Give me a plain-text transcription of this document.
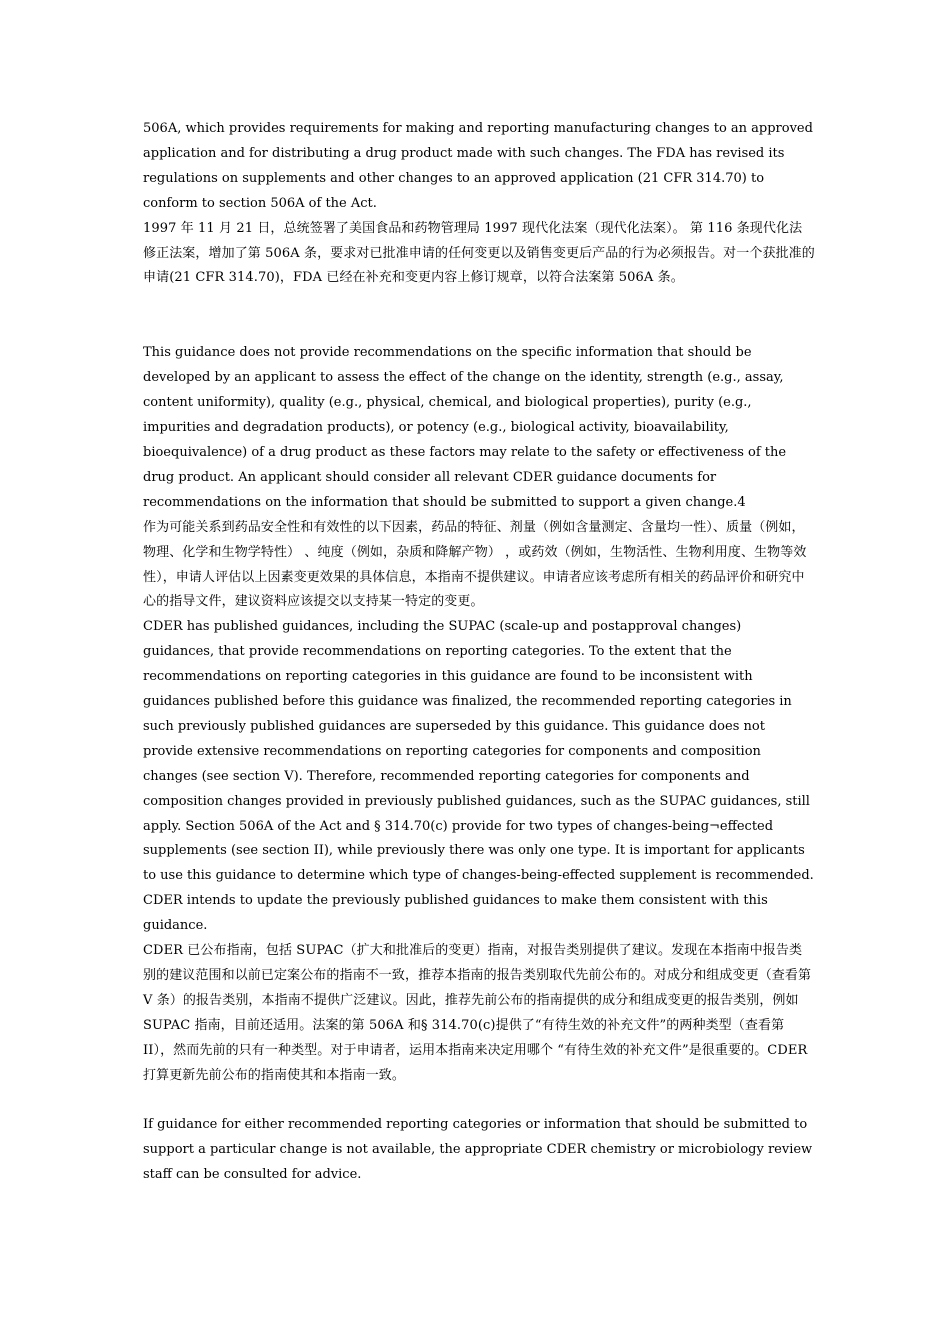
506A, which provides requirements for making and reporting manufacturing changes to an approved application and for distributing a drug product made with such changes. The FDA has revised its regulations on supplements and other changes to an approved application (21 CFR 314.70) to conform to section 506A of the Act.

1997 年 11 月 21 日，总统签署了美国食品和药物管理局 1997 现代化法案（现代化法案）。 第 116 条现代化法修正法案，增加了第 506A 条，要求对已批准申请的任何变更以及销售变更后产品的行为必须报告。对一个获批准的申请(21 CFR 314.70)，FDA 已经在补充和变更内容上修订规章，以符合法案第 506A 条。

This guidance does not provide recommendations on the specific information that should be developed by an applicant to assess the effect of the change on the identity, strength (e.g., assay, content uniformity), quality (e.g., physical, chemical, and biological properties), purity (e.g., impurities and degradation products), or potency (e.g., biological activity, bioavailability, bioequivalence) of a drug product as these factors may relate to the safety or effectiveness of the drug product. An applicant should consider all relevant CDER guidance documents for recommendations on the information that should be submitted to support a given change.4

作为可能关系到药品安全性和有效性的以下因素，药品的特征、剂量（例如含量测定、含量均一性）、质量（例如，物理、化学和生物学特性） 、纯度（例如，杂质和降解产物） ，或药效（例如，生物活性、生物利用度、生物等效性），申请人评估以上因素变更效果的具体信息，本指南不提供建议。申请者应该考虑所有相关的药品评价和研究中心的指导文件，建议资料应该提交以支持某一特定的变更。

CDER has published guidances, including the SUPAC (scale-up and postapproval changes) guidances, that provide recommendations on reporting categories. To the extent that the recommendations on reporting categories in this guidance are found to be inconsistent with guidances published before this guidance was finalized, the recommended reporting categories in such previously published guidances are superseded by this guidance. This guidance does not provide extensive recommendations on reporting categories for components and composition changes (see section V). Therefore, recommended reporting categories for components and composition changes provided in previously published guidances, such as the SUPAC guidances, still apply. Section 506A of the Act and § 314.70(c) provide for two types of changes-being¬effected supplements (see section II), while previously there was only one type. It is important for applicants to use this guidance to determine which type of changes-being-effected supplement is recommended. CDER intends to update the previously published guidances to make them consistent with this guidance.

CDER 已公布指南，包括 SUPAC（扩大和批准后的变更）指南，对报告类别提供了建议。发现在本指南中报告类别的建议范围和以前已定案公布的指南不一致，推荐本指南的报告类别取代先前公布的。对成分和组成变更（查看第 V 条）的报告类别，本指南不提供广泛建议。因此，推荐先前公布的指南提供的成分和组成变更的报告类别，例如 SUPAC 指南，目前还适用。法案的第 506A 和§ 314.70(c)提供了“有待生效的补充文件”的两种类型（查看第 II），然而先前的只有一种类型。对于申请者，运用本指南来决定用哪个 “有待生效的补充文件”是很重要的。CDER 打算更新先前公布的指南使其和本指南一致。

If guidance for either recommended reporting categories or information that should be submitted to support a particular change is not available, the appropriate CDER chemistry or microbiology review staff can be consulted for advice.
